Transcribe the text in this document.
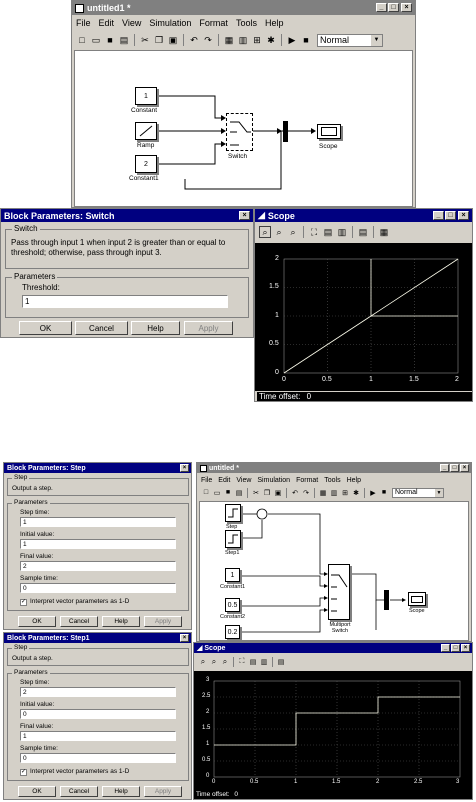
untitled1 *	_	□	×
File Edit View Simulation Format Tools Help
□ ▭ ■ ▤ ✂ ❐ ▣ ↶ ↷ ▦ ▥ ⊞ ✱ ▶ ■	Normal	▼
1
Constant
Ramp
2
Constant1
Switch
Scope
Block Parameters: Switch	×
Switch
Pass through input 1 when input 2 is greater than or equal to threshold; otherwise, pass through input 3.
Parameters
Threshold:
1
OK	Cancel	Help	Apply
◢ Scope	_	□	×
⌕ ⌕ ⌕	⛶ ▤ ▥ ▤ ▦
2
1.5
1
0.5
0
0	0.5	1	1.5	2
Time offset: 0
Block Parameters: Step	×
Step
Output a step.
Parameters
Step time:
1
Initial value:
1
Final value:
2
Sample time:
0
✓ Interpret vector parameters as 1-D
OK	Cancel	Help	Apply
Block Parameters: Step1	×
Step
Output a step.
Parameters
Step time:
2
Initial value:
0
Final value:
1
Sample time:
0
✓ Interpret vector parameters as 1-D
OK	Cancel	Help	Apply
untitled *	_	□	×
File Edit View Simulation Format Tools Help
□ ▭ ■ ▤ ✂ ❐ ▣ ↶ ↷ ▦ ▥ ⊞ ✱	▶ ■	Normal	▼
Step
Step1
1
Constant1
0.5
Constant2
0.2
Multiport Switch
Scope
◢ Scope	_	□	×
⌕ ⌕ ⌕	⛶ ▤ ▥ ▤
3
2.5
2
1.5
1
0.5
0
0	0.5	1	1.5	2	2.5	3
Time offset: 0
